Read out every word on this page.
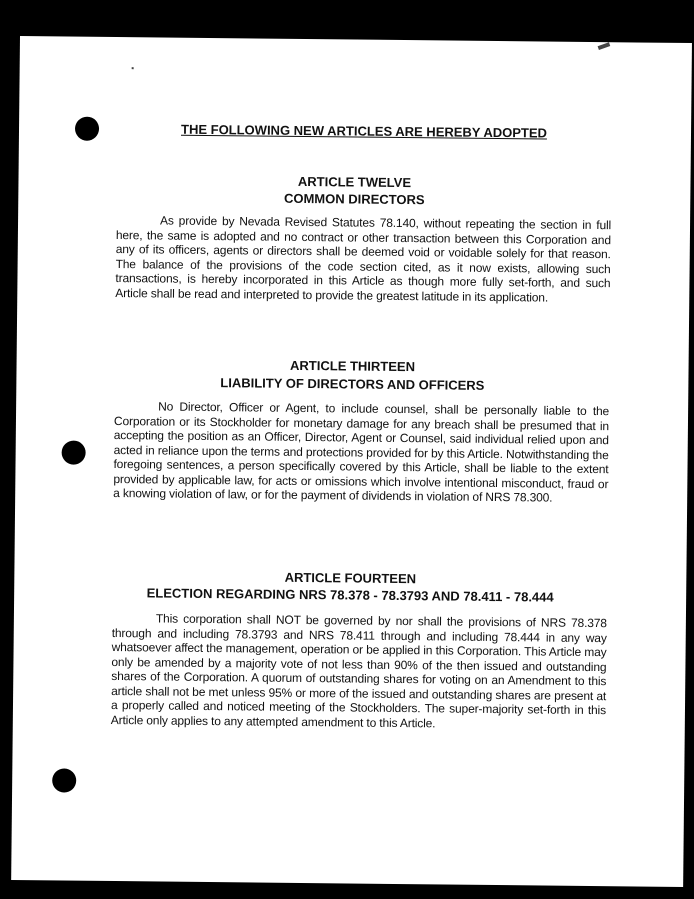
THE FOLLOWING NEW ARTICLES ARE HEREBY ADOPTED
ARTICLE TWELVE
COMMON DIRECTORS
As provide by Nevada Revised Statutes 78.140, without repeating the section in full here, the same is adopted and no contract or other transaction between this Corporation and any of its officers, agents or directors shall be deemed void or voidable solely for that reason. The balance of the provisions of the code section cited, as it now exists, allowing such transactions, is hereby incorporated in this Article as though more fully set-forth, and such Article shall be read and interpreted to provide the greatest latitude in its application.
ARTICLE THIRTEEN
LIABILITY OF DIRECTORS AND OFFICERS
No Director, Officer or Agent, to include counsel, shall be personally liable to the Corporation or its Stockholder for monetary damage for any breach shall be presumed that in accepting the position as an Officer, Director, Agent or Counsel, said individual relied upon and acted in reliance upon the terms and protections provided for by this Article. Notwithstanding the foregoing sentences, a person specifically covered by this Article, shall be liable to the extent provided by applicable law, for acts or omissions which involve intentional misconduct, fraud or a knowing violation of law, or for the payment of dividends in violation of NRS 78.300.
ARTICLE FOURTEEN
ELECTION REGARDING NRS 78.378 - 78.3793 AND 78.411 - 78.444
This corporation shall NOT be governed by nor shall the provisions of NRS 78.378 through and including 78.3793 and NRS 78.411 through and including 78.444 in any way whatsoever affect the management, operation or be applied in this Corporation. This Article may only be amended by a majority vote of not less than 90% of the then issued and outstanding shares of the Corporation. A quorum of outstanding shares for voting on an Amendment to this article shall not be met unless 95% or more of the issued and outstanding shares are present at a properly called and noticed meeting of the Stockholders. The super-majority set-forth in this Article only applies to any attempted amendment to this Article.
